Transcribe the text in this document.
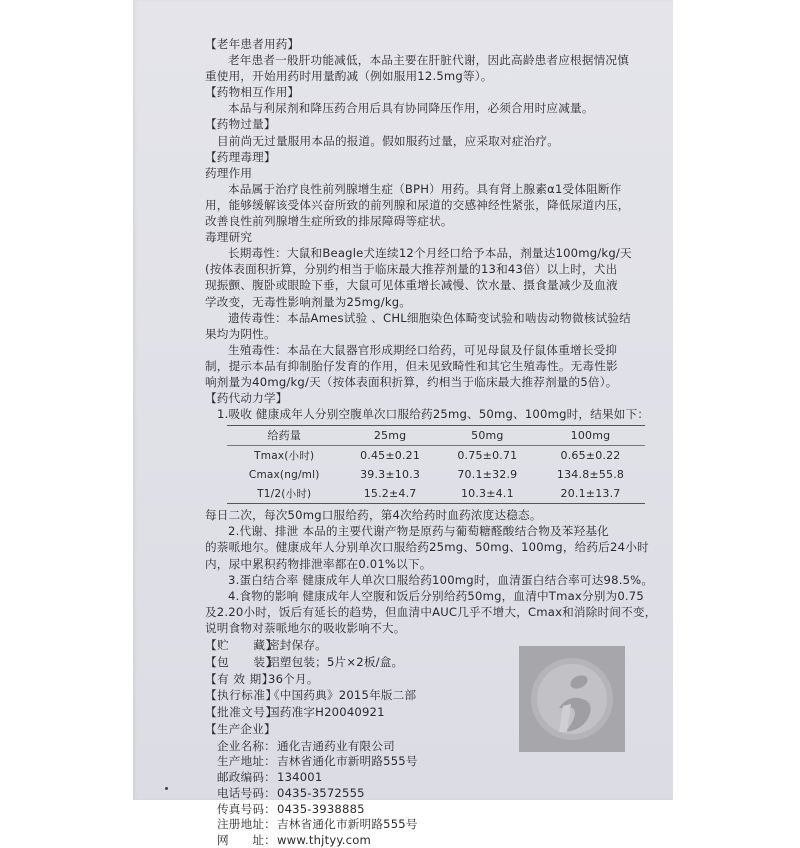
【老年患者用药】
老年患者一般肝功能减低，本品主要在肝脏代谢，因此高龄患者应根据情况慎
重使用，开始用药时用量酌减（例如服用12.5mg等）。
【药物相互作用】
本品与利尿剂和降压药合用后具有协同降压作用，必须合用时应减量。
【药物过量】
目前尚无过量服用本品的报道。假如服药过量，应采取对症治疗。
【药理毒理】
药理作用
本品属于治疗良性前列腺增生症（BPH）用药。具有肾上腺素α1受体阻断作
用，能够缓解该受体兴奋所致的前列腺和尿道的交感神经性紧张，降低尿道内压，
改善良性前列腺增生症所致的排尿障碍等症状。
毒理研究
长期毒性：大鼠和Beagle犬连续12个月经口给予本品，剂量达100mg/kg/天
(按体表面积折算，分别约相当于临床最大推荐剂量的13和43倍）以上时，犬出
现振颤、腹卧或眼睑下垂，大鼠可见体重增长减慢、饮水量、摄食量减少及血液
学改变，无毒性影响剂量为25mg/kg。
遗传毒性：本品Ames试验 、CHL细胞染色体畸变试验和啮齿动物微核试验结
果均为阴性。
生殖毒性：本品在大鼠器官形成期经口给药，可见母鼠及仔鼠体重增长受抑
制，提示本品有抑制胎仔发育的作用，但未见致畸性和其它生殖毒性。无毒性影
响剂量为40mg/kg/天（按体表面积折算，约相当于临床最大推荐剂量的5倍）。
【药代动力学】
1.吸收 健康成年人分别空腹单次口服给药25mg、50mg、100mg时，结果如下：
给药量	25mg	50mg	100mg
Tmax(小时)	0.45±0.21	0.75±0.71	0.65±0.22
Cmax(ng/ml)	39.3±10.3	70.1±32.9	134.8±55.8
T1/2(小时)	15.2±4.7	10.3±4.1	20.1±13.7
每日二次，每次50mg口服给药，第4次给药时血药浓度达稳态。
2.代谢、排泄 本品的主要代谢产物是原药与葡萄糖醛酸结合物及苯羟基化
的萘哌地尔。健康成年人分别单次口服给药25mg、50mg、100mg，给药后24小时
内，尿中累积药物排泄率都在0.01%以下。
3.蛋白结合率 健康成年人单次口服给药100mg时，血清蛋白结合率可达98.5%。
4.食物的影响 健康成年人空腹和饭后分别给药50mg，血清中Tmax分别为0.75
及2.20小时，饭后有延长的趋势，但血清中AUC几乎不增大，Cmax和消除时间不变，
说明食物对萘哌地尔的吸收影响不大。
【贮　　藏】密封保存。
【包　　装】铝塑包装；5片×2板/盒。
【有 效 期】36个月。
【执行标准】《中国药典》2015年版二部
【批准文号】国药准字H20040921
【生产企业】
企业名称：通化吉通药业有限公司
生产地址：吉林省通化市新明路555号
邮政编码：134001
电话号码：0435-3572555
传真号码：0435-3938885
注册地址：吉林省通化市新明路555号
网　　址：www.thjtyy.com
